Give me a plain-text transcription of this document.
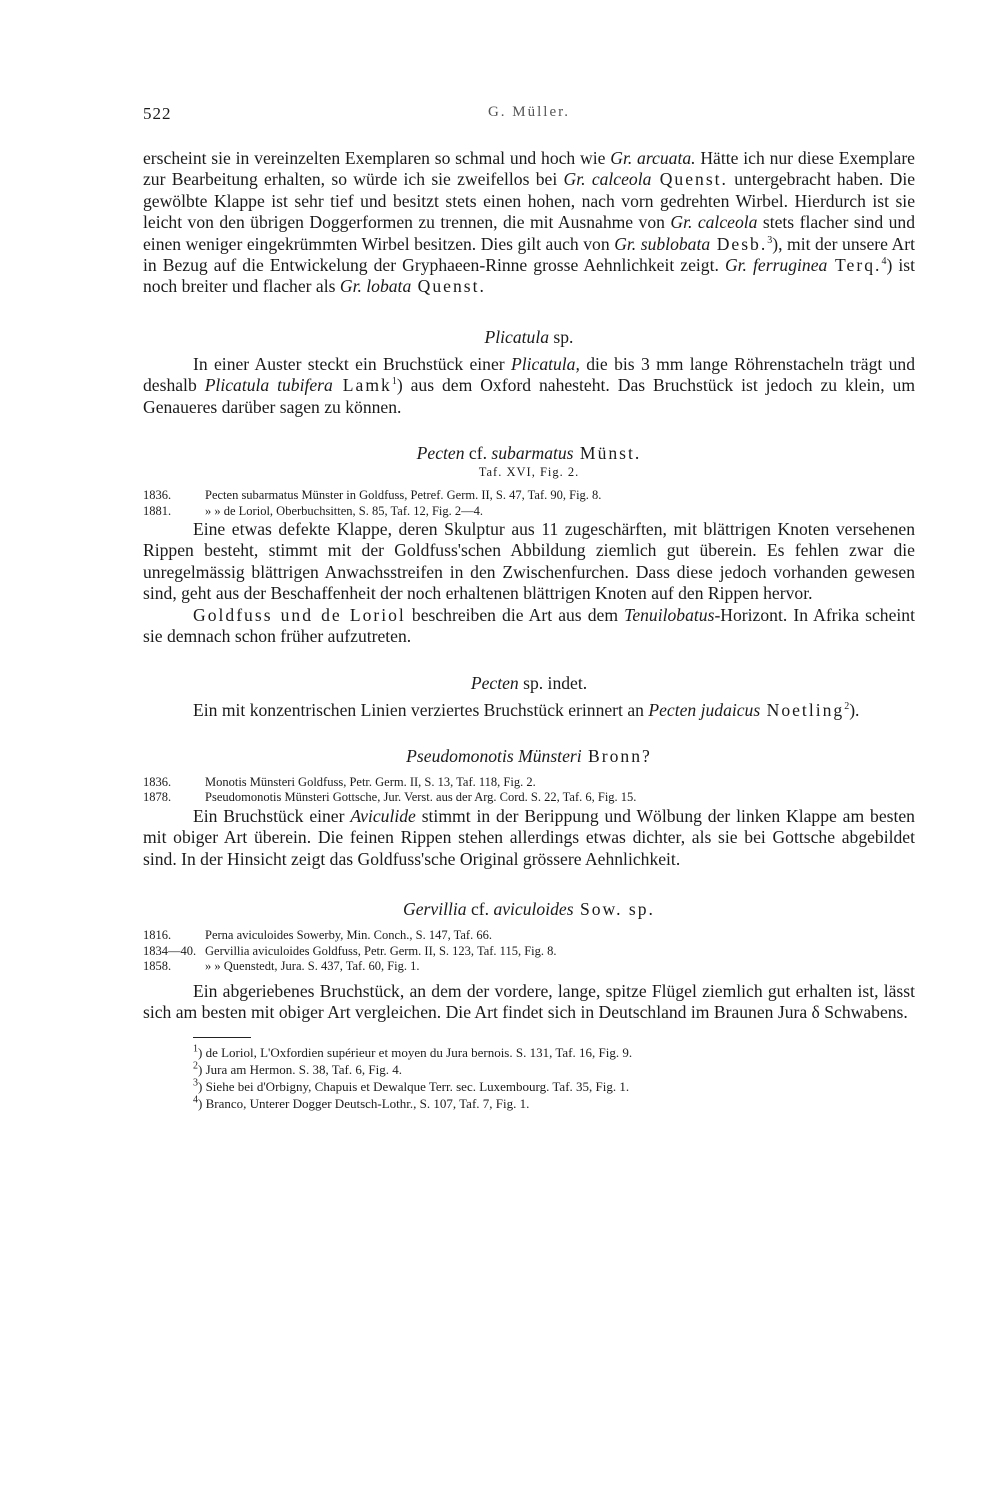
522	G. Müller.

erscheint sie in vereinzelten Exemplaren so schmal und hoch wie Gr. arcuata. Hätte ich nur diese Exemplare zur Bearbeitung erhalten, so würde ich sie zweifellos bei Gr. calceola Quenst. untergebracht haben. Die gewölbte Klappe ist sehr tief und besitzt stets einen hohen, nach vorn gedrehten Wirbel. Hierdurch ist sie leicht von den übrigen Doggerformen zu trennen, die mit Ausnahme von Gr. calceola stets flacher sind und einen weniger eingekrümmten Wirbel besitzen. Dies gilt auch von Gr. sublobata Desb.$^3$), mit der unsere Art in Bezug auf die Entwickelung der Gryphaeen-Rinne grosse Aehnlichkeit zeigt. Gr. ferruginea Terq.$^4$) ist noch breiter und flacher als Gr. lobata Quenst.

Plicatula sp.

In einer Auster steckt ein Bruchstück einer Plicatula, die bis 3 mm lange Röhrenstacheln trägt und deshalb Plicatula tubifera Lamk$^1$) aus dem Oxford nahesteht. Das Bruchstück ist jedoch zu klein, um Genaueres darüber sagen zu können.

Pecten cf. subarmatus Münst.
Taf. XVI, Fig. 2.
1836.	Pecten subarmatus Münster in Goldfuss, Petref. Germ. II, S. 47, Taf. 90, Fig. 8.
1881.	» » de Loriol, Oberbuchsitten, S. 85, Taf. 12, Fig. 2—4.

Eine etwas defekte Klappe, deren Skulptur aus 11 zugeschärften, mit blättrigen Knoten versehenen Rippen besteht, stimmt mit der Goldfuss'schen Abbildung ziemlich gut überein. Es fehlen zwar die unregelmässig blättrigen Anwachsstreifen in den Zwischenfurchen. Dass diese jedoch vorhanden gewesen sind, geht aus der Beschaffenheit der noch erhaltenen blättrigen Knoten auf den Rippen hervor.

Goldfuss und de Loriol beschreiben die Art aus dem Tenuilobatus-Horizont. In Afrika scheint sie demnach schon früher aufzutreten.

Pecten sp. indet.

Ein mit konzentrischen Linien verziertes Bruchstück erinnert an Pecten judaicus Noetling$^2$).

Pseudomonotis Münsteri Bronn?
1836.	Monotis Münsteri Goldfuss, Petr. Germ. II, S. 13, Taf. 118, Fig. 2.
1878.	Pseudomonotis Münsteri Gottsche, Jur. Verst. aus der Arg. Cord. S. 22, Taf. 6, Fig. 15.

Ein Bruchstück einer Aviculide stimmt in der Berippung und Wölbung der linken Klappe am besten mit obiger Art überein. Die feinen Rippen stehen allerdings etwas dichter, als sie bei Gottsche abgebildet sind. In der Hinsicht zeigt das Goldfuss'sche Original grössere Aehnlichkeit.

Gervillia cf. aviculoides Sow. sp.
1816.	Perna aviculoides Sowerby, Min. Conch., S. 147, Taf. 66.
1834—40. Gervillia aviculoides Goldfuss, Petr. Germ. II, S. 123, Taf. 115, Fig. 8.
1858.	» » Quenstedt, Jura. S. 437, Taf. 60, Fig. 1.

Ein abgeriebenes Bruchstück, an dem der vordere, lange, spitze Flügel ziemlich gut erhalten ist, lässt sich am besten mit obiger Art vergleichen. Die Art findet sich in Deutschland im Braunen Jura δ Schwabens.

$^1$) de Loriol, L'Oxfordien supérieur et moyen du Jura bernois. S. 131, Taf. 16, Fig. 9.
$^2$) Jura am Hermon. S. 38, Taf. 6, Fig. 4.
$^3$) Siehe bei d'Orbigny, Chapuis et Dewalque Terr. sec. Luxembourg. Taf. 35, Fig. 1.
$^4$) Branco, Unterer Dogger Deutsch-Lothr., S. 107, Taf. 7, Fig. 1.
